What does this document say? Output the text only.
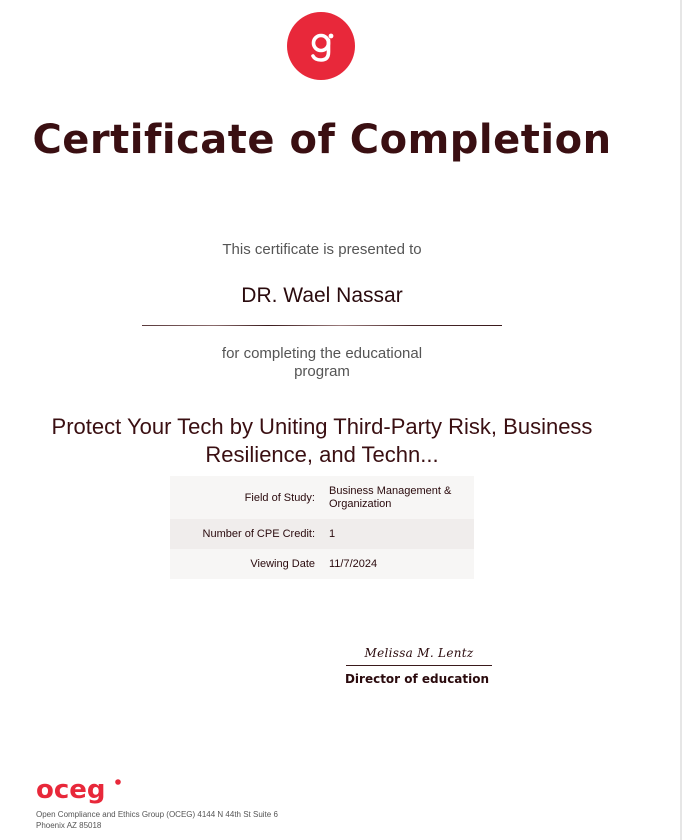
Certificate of Completion
This certificate is presented to
DR. Wael Nassar
for completing the educational program
Protect Your Tech by Uniting Third-Party Risk, Business Resilience, and Techn...
Field of Study:	Business Management & Organization
Number of CPE Credit:	1
Viewing Date	11/7/2024
Melissa M. Lentz
Director of education
oceg
Open Compliance and Ethics Group (OCEG) 4144 N 44th St Suite 6 Phoenix AZ 85018
